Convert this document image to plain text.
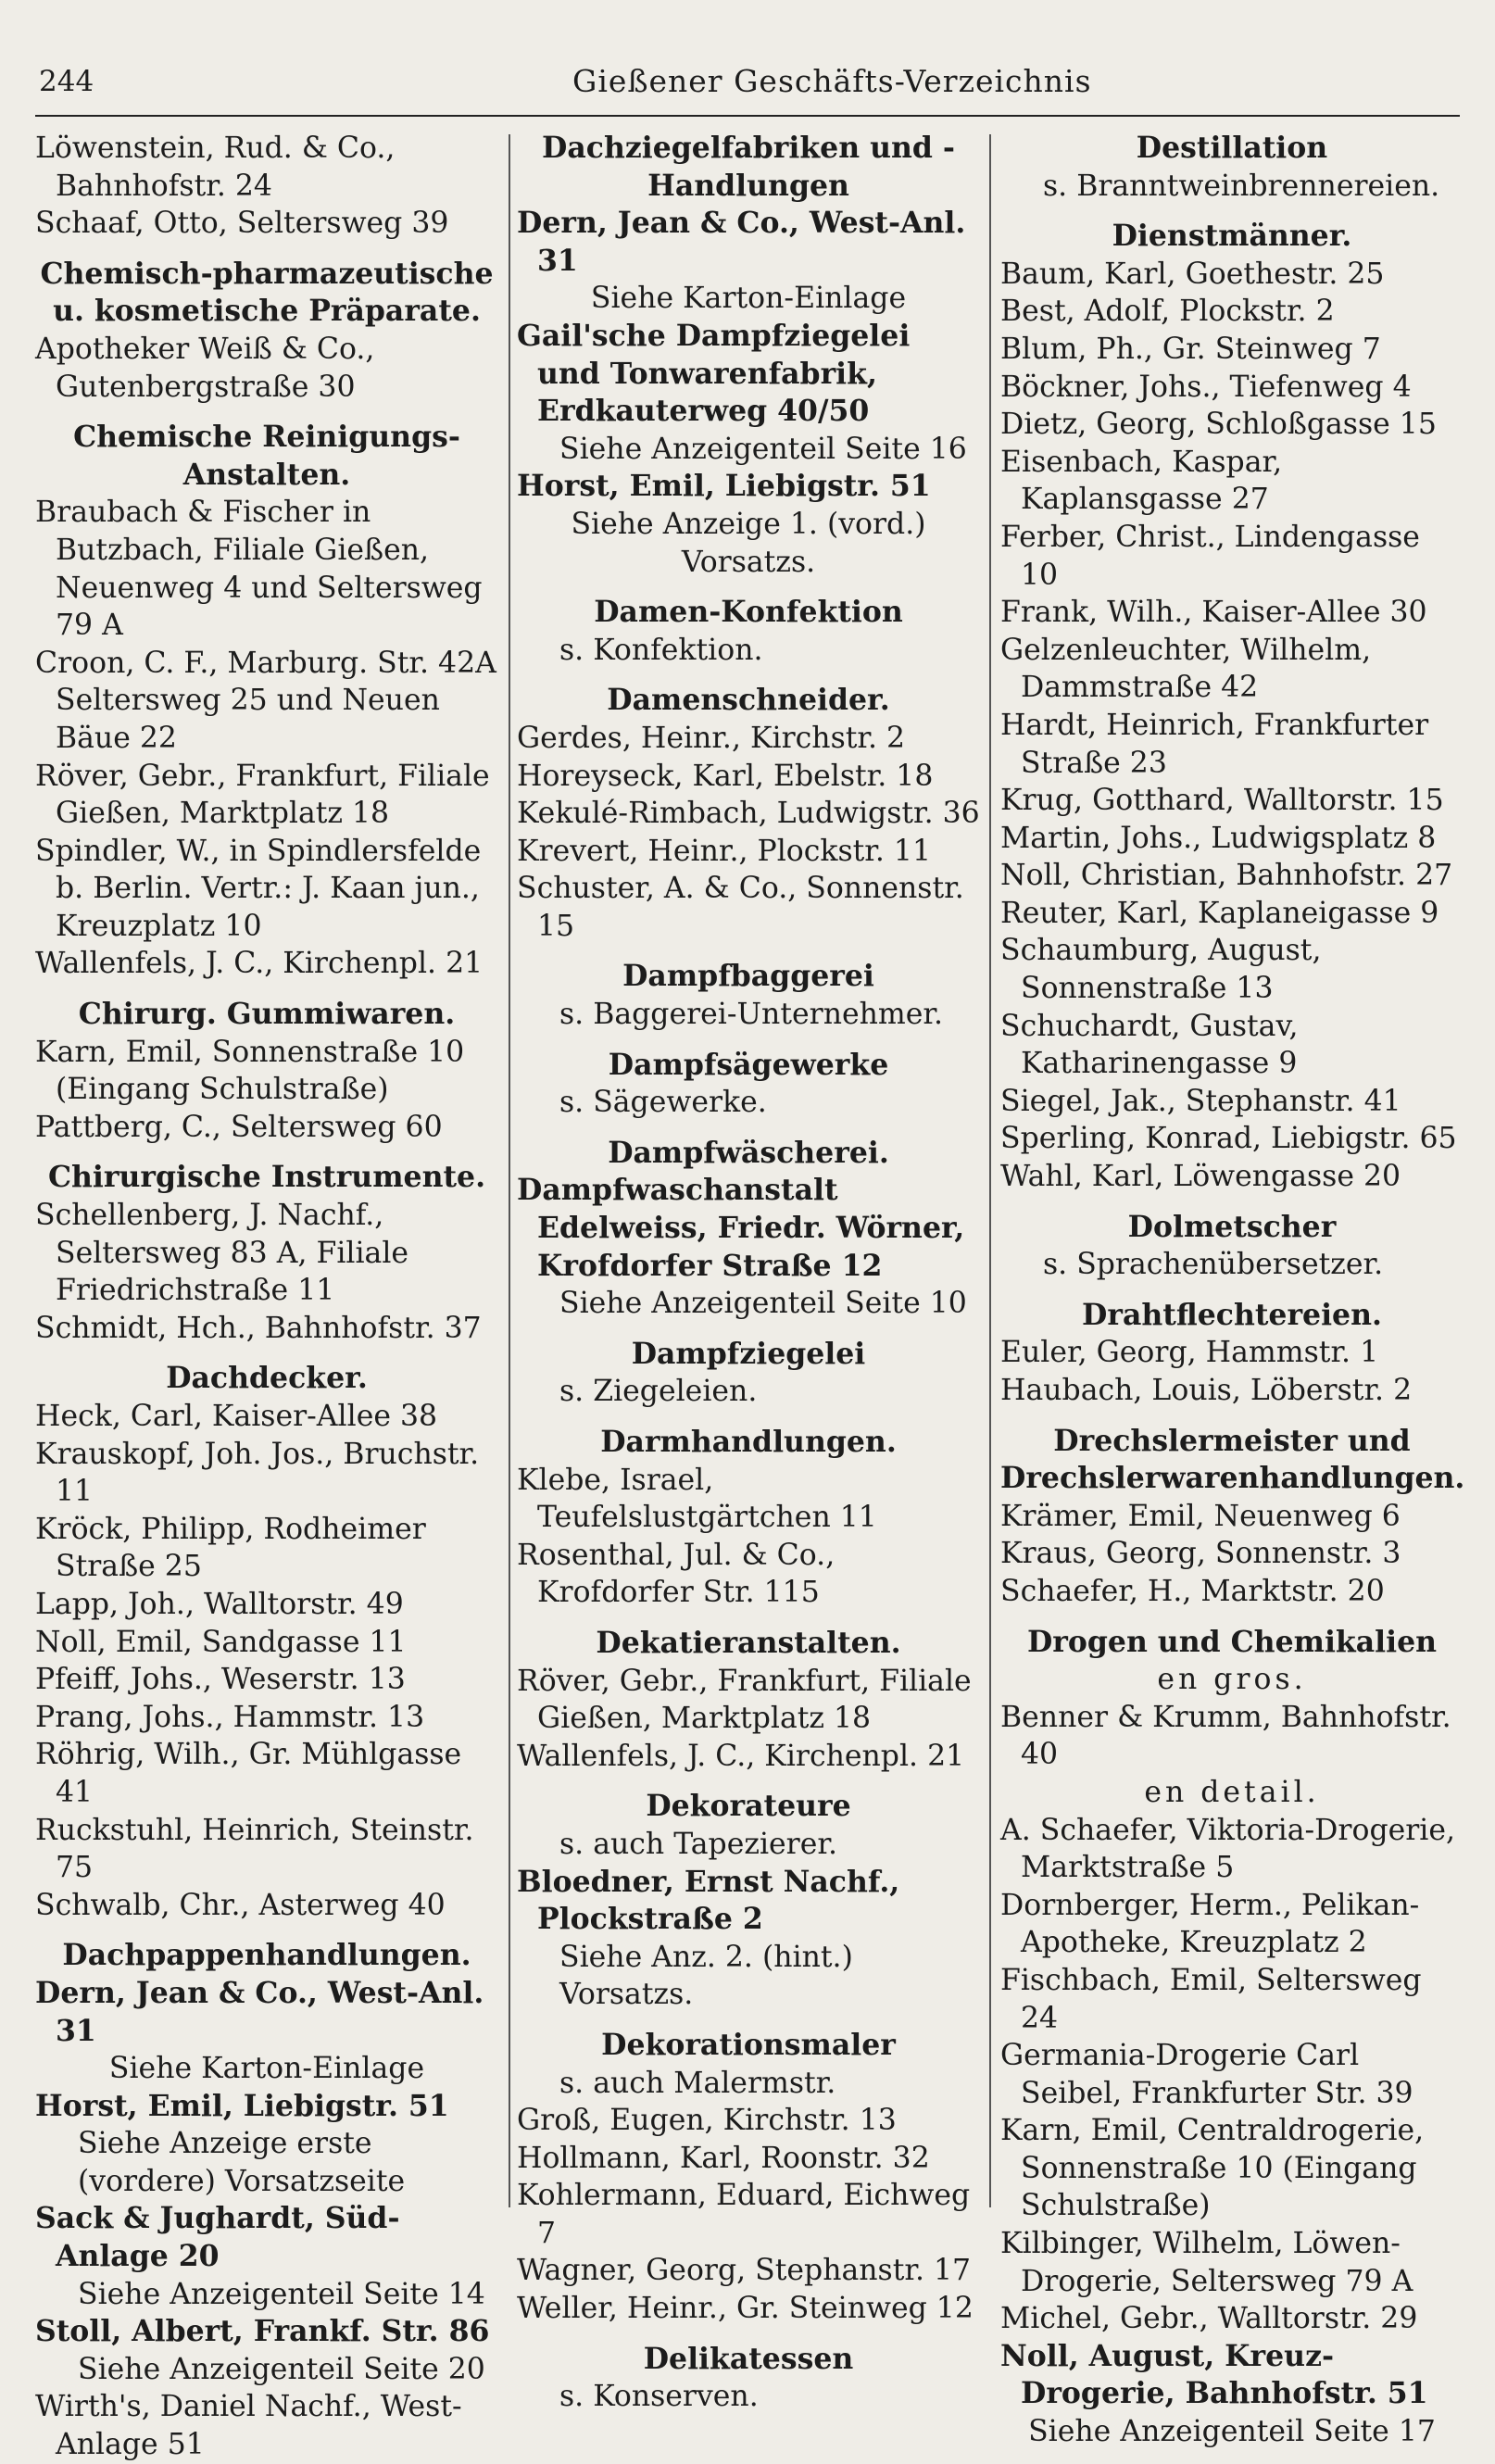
244	Gießener Geschäfts-Verzeichnis
Löwenstein, Rud. & Co., Bahnhofstr. 24
Schaaf, Otto, Seltersweg 39
Chemisch-pharmazeutische u. kosmetische Präparate.
Apotheker Weiß & Co., Gutenbergstraße 30
Chemische Reinigungs-Anstalten.
Braubach & Fischer in Butzbach, Filiale Gießen, Neuenweg 4 und Seltersweg 79 A
Croon, C. F., Marburg. Str. 42A Seltersweg 25 und Neuen Bäue 22
Röver, Gebr., Frankfurt, Filiale Gießen, Marktplatz 18
Spindler, W., in Spindlersfelde b. Berlin. Vertr.: J. Kaan jun., Kreuzplatz 10
Wallenfels, J. C., Kirchenpl. 21
Chirurg. Gummiwaren.
Karn, Emil, Sonnenstraße 10 (Eingang Schulstraße)
Pattberg, C., Seltersweg 60
Chirurgische Instrumente.
Schellenberg, J. Nachf., Seltersweg 83 A, Filiale Friedrichstraße 11
Schmidt, Hch., Bahnhofstr. 37
Dachdecker.
Heck, Carl, Kaiser-Allee 38
Krauskopf, Joh. Jos., Bruchstr. 11
Kröck, Philipp, Rodheimer Straße 25
Lapp, Joh., Walltorstr. 49
Noll, Emil, Sandgasse 11
Pfeiff, Johs., Weserstr. 13
Prang, Johs., Hammstr. 13
Röhrig, Wilh., Gr. Mühlgasse 41
Ruckstuhl, Heinrich, Steinstr. 75
Schwalb, Chr., Asterweg 40
Dachpappenhandlungen.
Dern, Jean & Co., West-Anl. 31
Siehe Karton-Einlage
Horst, Emil, Liebigstr. 51
Siehe Anzeige erste (vordere) Vorsatzseite
Sack & Jughardt, Süd-Anlage 20
Siehe Anzeigenteil Seite 14
Stoll, Albert, Frankf. Str. 86
Siehe Anzeigenteil Seite 20
Wirth's, Daniel Nachf., West-Anlage 51
Dachziegelfabriken und -Handlungen
Dern, Jean & Co., West-Anl. 31
Siehe Karton-Einlage
Gail'sche Dampfziegelei und Tonwarenfabrik, Erdkauterweg 40/50
Siehe Anzeigenteil Seite 16
Horst, Emil, Liebigstr. 51
Siehe Anzeige 1. (vord.) Vorsatzs.
Damen-Konfektion
s. Konfektion.
Damenschneider.
Gerdes, Heinr., Kirchstr. 2
Horeyseck, Karl, Ebelstr. 18
Kekulé-Rimbach, Ludwigstr. 36
Krevert, Heinr., Plockstr. 11
Schuster, A. & Co., Sonnenstr. 15
Dampfbaggerei
s. Baggerei-Unternehmer.
Dampfsägewerke
s. Sägewerke.
Dampfwäscherei.
Dampfwaschanstalt Edelweiss, Friedr. Wörner, Krofdorfer Straße 12
Siehe Anzeigenteil Seite 10
Dampfziegelei
s. Ziegeleien.
Darmhandlungen.
Klebe, Israel, Teufelslustgärtchen 11
Rosenthal, Jul. & Co., Krofdorfer Str. 115
Dekatieranstalten.
Röver, Gebr., Frankfurt, Filiale Gießen, Marktplatz 18
Wallenfels, J. C., Kirchenpl. 21
Dekorateure
s. auch Tapezierer.
Bloedner, Ernst Nachf., Plockstraße 2
Siehe Anz. 2. (hint.) Vorsatzs.
Dekorationsmaler
s. auch Malermstr.
Groß, Eugen, Kirchstr. 13
Hollmann, Karl, Roonstr. 32
Kohlermann, Eduard, Eichweg 7
Wagner, Georg, Stephanstr. 17
Weller, Heinr., Gr. Steinweg 12
Delikatessen
s. Konserven.
Destillation
s. Branntweinbrennereien.
Dienstmänner.
Baum, Karl, Goethestr. 25
Best, Adolf, Plockstr. 2
Blum, Ph., Gr. Steinweg 7
Böckner, Johs., Tiefenweg 4
Dietz, Georg, Schloßgasse 15
Eisenbach, Kaspar, Kaplansgasse 27
Ferber, Christ., Lindengasse 10
Frank, Wilh., Kaiser-Allee 30
Gelzenleuchter, Wilhelm, Dammstraße 42
Hardt, Heinrich, Frankfurter Straße 23
Krug, Gotthard, Walltorstr. 15
Martin, Johs., Ludwigsplatz 8
Noll, Christian, Bahnhofstr. 27
Reuter, Karl, Kaplaneigasse 9
Schaumburg, August, Sonnenstraße 13
Schuchardt, Gustav, Katharinengasse 9
Siegel, Jak., Stephanstr. 41
Sperling, Konrad, Liebigstr. 65
Wahl, Karl, Löwengasse 20
Dolmetscher
s. Sprachenübersetzer.
Drahtflechtereien.
Euler, Georg, Hammstr. 1
Haubach, Louis, Löberstr. 2
Drechslermeister und Drechslerwarenhandlungen.
Krämer, Emil, Neuenweg 6
Kraus, Georg, Sonnenstr. 3
Schaefer, H., Marktstr. 20
Drogen und Chemikalien
en gros.
Benner & Krumm, Bahnhofstr. 40
en detail.
A. Schaefer, Viktoria-Drogerie, Marktstraße 5
Dornberger, Herm., Pelikan-Apotheke, Kreuzplatz 2
Fischbach, Emil, Seltersweg 24
Germania-Drogerie Carl Seibel, Frankfurter Str. 39
Karn, Emil, Centraldrogerie, Sonnenstraße 10 (Eingang Schulstraße)
Kilbinger, Wilhelm, Löwen-Drogerie, Seltersweg 79 A
Michel, Gebr., Walltorstr. 29
Noll, August, Kreuz-Drogerie, Bahnhofstr. 51
Siehe Anzeigenteil Seite 17
